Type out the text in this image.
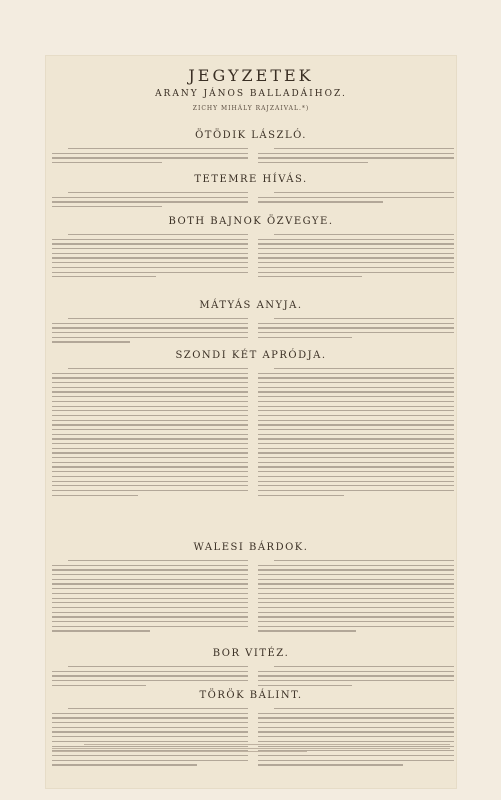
JEGYZETEK
ARANY JÁNOS BALLADÁIHOZ.
ZICHY MIHÁLY RAJZAIVAL.*)
ÖTÖDIK LÁSZLÓ.
TETEMRE HÍVÁS.
BOTH BAJNOK ÖZVEGYE.
MÁTYÁS ANYJA.
SZONDI KÉT APRÓDJA.
WALESI BÁRDOK.
BOR VITÉZ.
TÖRÖK BÁLINT.
